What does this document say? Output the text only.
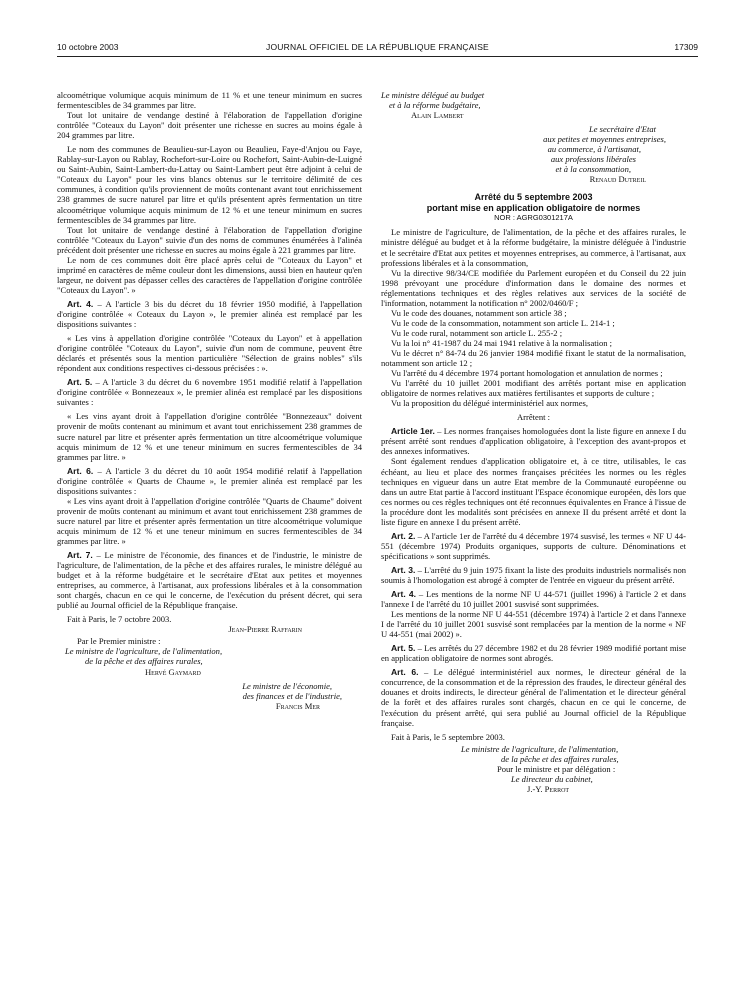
10 octobre 2003	JOURNAL OFFICIEL DE LA RÉPUBLIQUE FRANÇAISE	17309

alcoométrique volumique acquis minimum de 11 % et une teneur minimum en sucres fermentescibles de 34 grammes par litre.

Tout lot unitaire de vendange destiné à l'élaboration de l'appellation d'origine contrôlée "Coteaux du Layon" doit présenter une richesse en sucres au moins égale à 204 grammes par litre.

Le nom des communes de Beaulieu-sur-Layon ou Beaulieu, Faye-d'Anjou ou Faye, Rablay-sur-Layon ou Rablay, Rochefort-sur-Loire ou Rochefort, Saint-Aubin-de-Luigné ou Saint-Aubin, Saint-Lambert-du-Lattay ou Saint-Lambert peut être adjoint à celui de "Coteaux du Layon" pour les vins blancs obtenus sur le territoire délimité de ces communes, à condition qu'ils proviennent de moûts contenant avant tout enrichissement 238 grammes de sucre naturel par litre et qu'ils présentent après fermentation un titre alcoométrique volumique acquis minimum de 12 % et une teneur minimum en sucres fermentescibles de 34 grammes par litre.

Tout lot unitaire de vendange destiné à l'élaboration de l'appellation d'origine contrôlée "Coteaux du Layon" suivie d'un des noms de communes énumérées à l'alinéa précédent doit présenter une richesse en sucres au moins égale à 221 grammes par litre.

Le nom de ces communes doit être placé après celui de "Coteaux du Layon" et imprimé en caractères de même couleur dont les dimensions, aussi bien en hauteur qu'en largeur, ne doivent pas dépasser celles des caractères de l'appellation d'origine contrôlée "Coteaux du Layon". »

Art. 4. – A l'article 3 bis du décret du 18 février 1950 modifié, à l'appellation d'origine contrôlée « Coteaux du Layon », le premier alinéa est remplacé par les dispositions suivantes :

« Les vins à appellation d'origine contrôlée "Coteaux du Layon" et à appellation d'origine contrôlée "Coteaux du Layon", suivie d'un nom de commune, peuvent être déclarés et présentés sous la mention particulière "Sélection de grains nobles" s'ils répondent aux conditions respectives ci-dessous précisées : ».

Art. 5. – A l'article 3 du décret du 6 novembre 1951 modifié relatif à l'appellation d'origine contrôlée « Bonnezeaux », le premier alinéa est remplacé par les dispositions suivantes :

« Les vins ayant droit à l'appellation d'origine contrôlée "Bonnezeaux" doivent provenir de moûts contenant au minimum et avant tout enrichissement 238 grammes de sucre naturel par litre et présenter après fermentation un titre alcoométrique volumique acquis minimum de 12 % et une teneur minimum en sucres fermentescibles de 34 grammes par litre. »

Art. 6. – A l'article 3 du décret du 10 août 1954 modifié relatif à l'appellation d'origine contrôlée « Quarts de Chaume », le premier alinéa est remplacé par les dispositions suivantes :

« Les vins ayant droit à l'appellation d'origine contrôlée "Quarts de Chaume" doivent provenir de moûts contenant au minimum et avant tout enrichissement 238 grammes de sucre naturel par litre et présenter après fermentation un titre alcoométrique volumique acquis minimum de 12 % et une teneur minimum en sucres fermentescibles de 34 grammes par litre. »

Art. 7. – Le ministre de l'économie, des finances et de l'industrie, le ministre de l'agriculture, de l'alimentation, de la pêche et des affaires rurales, le ministre délégué au budget et à la réforme budgétaire et le secrétaire d'Etat aux petites et moyennes entreprises, au commerce, à l'artisanat, aux professions libérales et à la consommation sont chargés, chacun en ce qui le concerne, de l'exécution du présent décret, qui sera publié au Journal officiel de la République française.

Fait à Paris, le 7 octobre 2003.

Jean-Pierre Raffarin

Par le Premier ministre :

Le ministre de l'agriculture, de l'alimentation,

de la pêche et des affaires rurales,

Hervé Gaymard

Le ministre de l'économie,

des finances et de l'industrie,

Francis Mer

Le ministre délégué au budget

et à la réforme budgétaire,

Alain Lambert

Le secrétaire d'Etat

aux petites et moyennes entreprises,

au commerce, à l'artisanat,

aux professions libérales

et à la consommation,

Renaud Dutreil

Arrêté du 5 septembre 2003

portant mise en application obligatoire de normes

NOR : AGRG0301217A

Le ministre de l'agriculture, de l'alimentation, de la pêche et des affaires rurales, le ministre délégué au budget et à la réforme budgétaire, la ministre déléguée à l'industrie et le secrétaire d'Etat aux petites et moyennes entreprises, au commerce, à l'artisanat, aux professions libérales et à la consommation,

Vu la directive 98/34/CE modifiée du Parlement européen et du Conseil du 22 juin 1998 prévoyant une procédure d'information dans le domaine des normes et réglementations techniques et des règles relatives aux services de la société de l'information, notamment la notification n° 2002/0460/F ;

Vu le code des douanes, notamment son article 38 ;

Vu le code de la consommation, notamment son article L. 214-1 ;

Vu le code rural, notamment son article L. 255-2 ;

Vu la loi n° 41-1987 du 24 mai 1941 relative à la normalisation ;

Vu le décret n° 84-74 du 26 janvier 1984 modifié fixant le statut de la normalisation, notamment son article 12 ;

Vu l'arrêté du 4 décembre 1974 portant homologation et annulation de normes ;

Vu l'arrêté du 10 juillet 2001 modifiant des arrêtés portant mise en application obligatoire de normes relatives aux matières fertilisantes et supports de culture ;

Vu la proposition du délégué interministériel aux normes,

Arrêtent :

Article 1er. – Les normes françaises homologuées dont la liste figure en annexe I du présent arrêté sont rendues d'application obligatoire, à l'exception des avant-propos et des annexes informatives.

Sont également rendues d'application obligatoire et, à ce titre, utilisables, le cas échéant, au lieu et place des normes françaises précitées les normes ou les règles techniques en vigueur dans un autre Etat membre de la Communauté européenne ou dans un autre Etat partie à l'accord instituant l'Espace économique européen, dès lors que ces normes ou ces règles techniques ont été reconnues équivalentes en France à l'issue de la procédure dont les modalités sont précisées en annexe II du présent arrêté et dont la liste figure en annexe I du présent arrêté.

Art. 2. – A l'article 1er de l'arrêté du 4 décembre 1974 susvisé, les termes « NF U 44-551 (décembre 1974) Produits organiques, supports de culture. Dénominations et spécifications » sont supprimés.

Art. 3. – L'arrêté du 9 juin 1975 fixant la liste des produits industriels normalisés non soumis à l'homologation est abrogé à compter de l'entrée en vigueur du présent arrêté.

Art. 4. – Les mentions de la norme NF U 44-571 (juillet 1996) à l'article 2 et dans l'annexe I de l'arrêté du 10 juillet 2001 susvisé sont supprimées.

Les mentions de la norme NF U 44-551 (décembre 1974) à l'article 2 et dans l'annexe I de l'arrêté du 10 juillet 2001 susvisé sont remplacées par la mention de la norme « NF U 44-551 (mai 2002) ».

Art. 5. – Les arrêtés du 27 décembre 1982 et du 28 février 1989 modifié portant mise en application obligatoire de normes sont abrogés.

Art. 6. – Le délégué interministériel aux normes, le directeur général de la concurrence, de la consommation et de la répression des fraudes, le directeur général des douanes et droits indirects, le directeur général de l'alimentation et le directeur général de la forêt et des affaires rurales sont chargés, chacun en ce qui le concerne, de l'exécution du présent arrêté, qui sera publié au Journal officiel de la République française.

Fait à Paris, le 5 septembre 2003.

Le ministre de l'agriculture, de l'alimentation,

de la pêche et des affaires rurales,

Pour le ministre et par délégation :

Le directeur du cabinet,

J.-Y. Perrot
